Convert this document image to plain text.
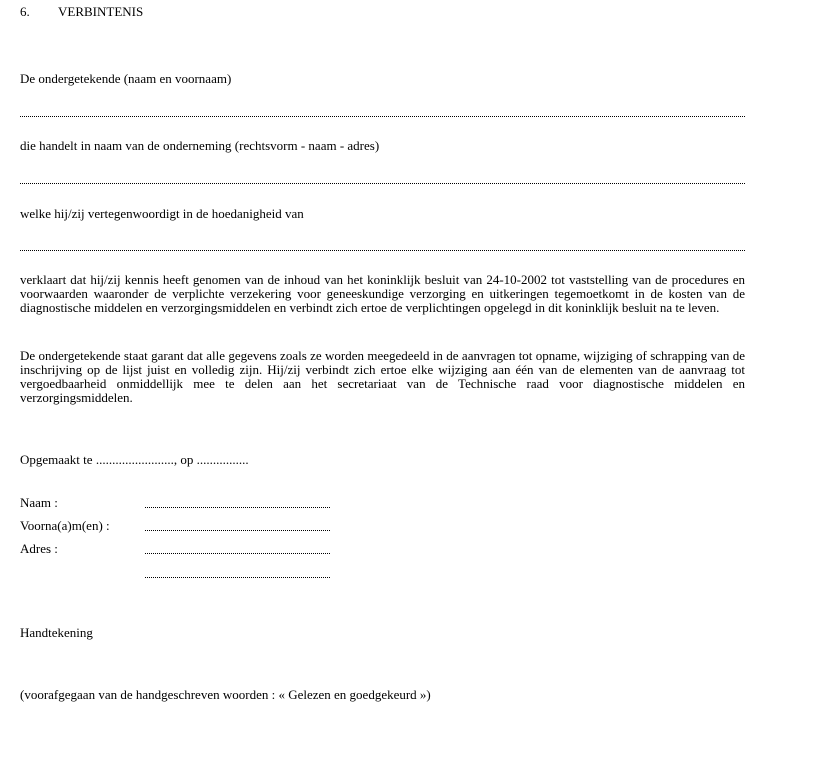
6. VERBINTENIS
De ondergetekende (naam en voornaam)
die handelt in naam van de onderneming (rechtsvorm - naam - adres)
welke hij/zij vertegenwoordigt in de hoedanigheid van

verklaart dat hij/zij kennis heeft genomen van de inhoud van het koninklijk besluit van 24-10-2002 tot vaststelling van de procedures en voorwaarden waaronder de verplichte verzekering voor geneeskundige verzorging en uitkeringen tegemoetkomt in de kosten van de diagnostische middelen en verzorgingsmiddelen en verbindt zich ertoe de verplichtingen opgelegd in dit koninklijk besluit na te leven.

De ondergetekende staat garant dat alle gegevens zoals ze worden meegedeeld in de aanvragen tot opname, wijziging of schrapping van de inschrijving op de lijst juist en volledig zijn. Hij/zij verbindt zich ertoe elke wijziging aan één van de elementen van de aanvraag tot vergoedbaarheid onmiddellijk mee te delen aan het secretariaat van de Technische raad voor diagnostische middelen en verzorgingsmiddelen.

Opgemaakt te ........................, op ................
Naam :
Voorna(a)m(en) :
Adres :
Handtekening
(voorafgegaan van de handgeschreven woorden : « Gelezen en goedgekeurd »)
